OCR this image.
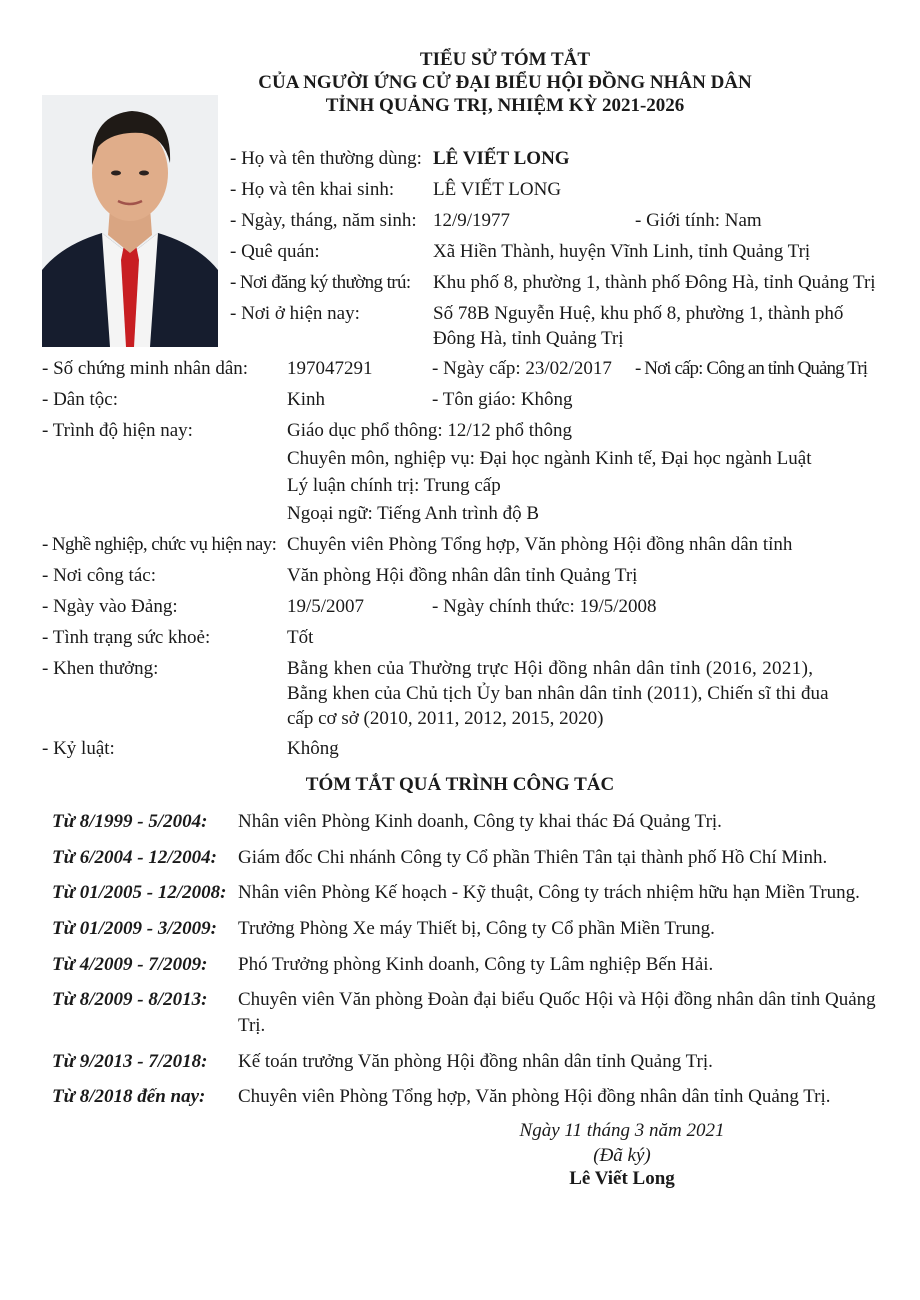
TIỂU SỬ TÓM TẮT
CỦA NGƯỜI ỨNG CỬ ĐẠI BIỂU HỘI ĐỒNG NHÂN DÂN
TỈNH QUẢNG TRỊ, NHIỆM KỲ 2021-2026
- Họ và tên thường dùng: LÊ VIẾT LONG
- Họ và tên khai sinh: LÊ VIẾT LONG
- Ngày, tháng, năm sinh: 12/9/1977	- Giới tính: Nam
- Quê quán:	Xã Hiền Thành, huyện Vĩnh Linh, tỉnh Quảng Trị
- Nơi đăng ký thường trú: Khu phố 8, phường 1, thành phố Đông Hà, tỉnh Quảng Trị
- Nơi ở hiện nay:	Số 78B Nguyễn Huệ, khu phố 8, phường 1, thành phố
Đông Hà, tỉnh Quảng Trị
- Số chứng minh nhân dân: 197047291	- Ngày cấp: 23/02/2017 - Nơi cấp: Công an tỉnh Quảng Trị
- Dân tộc:	Kinh	- Tôn giáo: Không
- Trình độ hiện nay:	Giáo dục phổ thông: 12/12 phổ thông
Chuyên môn, nghiệp vụ: Đại học ngành Kinh tế, Đại học ngành Luật
Lý luận chính trị: Trung cấp
Ngoại ngữ: Tiếng Anh trình độ B
- Nghề nghiệp, chức vụ hiện nay: Chuyên viên Phòng Tổng hợp, Văn phòng Hội đồng nhân dân tỉnh
- Nơi công tác:	Văn phòng Hội đồng nhân dân tỉnh Quảng Trị
- Ngày vào Đảng:	19/5/2007	- Ngày chính thức: 19/5/2008
- Tình trạng sức khoẻ:	Tốt
- Khen thưởng:	Bằng khen của Thường trực Hội đồng nhân dân tỉnh (2016, 2021),
Bằng khen của Chủ tịch Ủy ban nhân dân tỉnh (2011), Chiến sĩ thi đua
cấp cơ sở (2010, 2011, 2012, 2015, 2020)
- Kỷ luật:	Không
TÓM TẮT QUÁ TRÌNH CÔNG TÁC
Từ 8/1999 - 5/2004: Nhân viên Phòng Kinh doanh, Công ty khai thác Đá Quảng Trị.
Từ 6/2004 - 12/2004: Giám đốc Chi nhánh Công ty Cổ phần Thiên Tân tại thành phố Hồ Chí Minh.
Từ 01/2005 - 12/2008: Nhân viên Phòng Kế hoạch - Kỹ thuật, Công ty trách nhiệm hữu hạn Miền Trung.
Từ 01/2009 - 3/2009: Trưởng Phòng Xe máy Thiết bị, Công ty Cổ phần Miền Trung.
Từ 4/2009 - 7/2009: Phó Trưởng phòng Kinh doanh, Công ty Lâm nghiệp Bến Hải.
Từ 8/2009 - 8/2013: Chuyên viên Văn phòng Đoàn đại biểu Quốc Hội và Hội đồng nhân dân tỉnh Quảng Trị.
Từ 9/2013 - 7/2018: Kế toán trưởng Văn phòng Hội đồng nhân dân tỉnh Quảng Trị.
Từ 8/2018 đến nay: Chuyên viên Phòng Tổng hợp, Văn phòng Hội đồng nhân dân tỉnh Quảng Trị.
Ngày 11 tháng 3 năm 2021
(Đã ký)
Lê Viết Long
